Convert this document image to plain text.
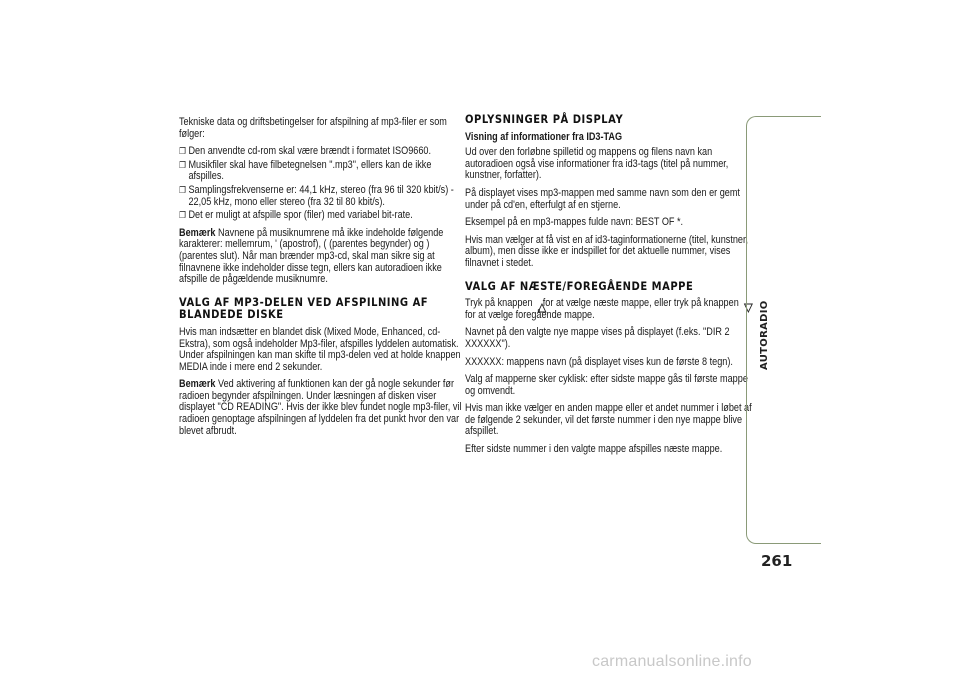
Tekniske data og driftsbetingelser for afspilning af mp3-filer er som følger:

❐ Den anvendte cd-rom skal være brændt i formatet ISO9660.
❐ Musikfiler skal have filbetegnelsen ".mp3", ellers kan de ikke afspilles.
❐ Samplingsfrekvenserne er: 44,1 kHz, stereo (fra 96 til 320 kbit/s) - 22,05 kHz, mono eller stereo (fra 32 til 80 kbit/s).
❐ Det er muligt at afspille spor (filer) med variabel bit-rate.

Bemærk Navnene på musiknumrene må ikke indeholde følgende karakterer: mellemrum, ' (apostrof), ( (parentes begynder) og ) (parentes slut). Når man brænder mp3-cd, skal man sikre sig at filnavnene ikke indeholder disse tegn, ellers kan autoradioen ikke afspille de pågældende musiknumre.

VALG AF MP3-DELEN VED AFSPILNING AF BLANDEDE DISKE

Hvis man indsætter en blandet disk (Mixed Mode, Enhanced, cd-Ekstra), som også indeholder Mp3-filer, afspilles lyddelen automatisk. Under afspilningen kan man skifte til mp3-delen ved at holde knappen MEDIA inde i mere end 2 sekunder.

Bemærk Ved aktivering af funktionen kan der gå nogle sekunder før radioen begynder afspilningen. Under læsningen af disken viser displayet "CD READING". Hvis der ikke blev fundet nogle mp3-filer, vil radioen genoptage afspilningen af lyddelen fra det punkt hvor den var blevet afbrudt.

OPLYSNINGER PÅ DISPLAY
Visning af informationer fra ID3-TAG

Ud over den forløbne spilletid og mappens og filens navn kan autoradioen også vise informationer fra id3-tags (titel på nummer, kunstner, forfatter).

På displayet vises mp3-mappen med samme navn som den er gemt under på cd'en, efterfulgt af en stjerne.

Eksempel på en mp3-mappes fulde navn: BEST OF *.

Hvis man vælger at få vist en af id3-taginformationerne (titel, kunstner, album), men disse ikke er indspillet for det aktuelle nummer, vises filnavnet i stedet.

VALG AF NÆSTE/FOREGÅENDE MAPPE

Tryk på knappen for at vælge næste mappe, eller tryk på knappen
for at vælge foregående mappe.

Navnet på den valgte nye mappe vises på displayet (f.eks. "DIR 2 XXXXXX").

XXXXXX: mappens navn (på displayet vises kun de første 8 tegn).

Valg af mapperne sker cyklisk: efter sidste mappe gås til første mappe og omvendt.

Hvis man ikke vælger en anden mappe eller et andet nummer i løbet af de følgende 2 sekunder, vil det første nummer i den nye mappe blive afspillet.

Efter sidste nummer i den valgte mappe afspilles næste mappe.

AUTORADIO
261
carmanualsonline.info
